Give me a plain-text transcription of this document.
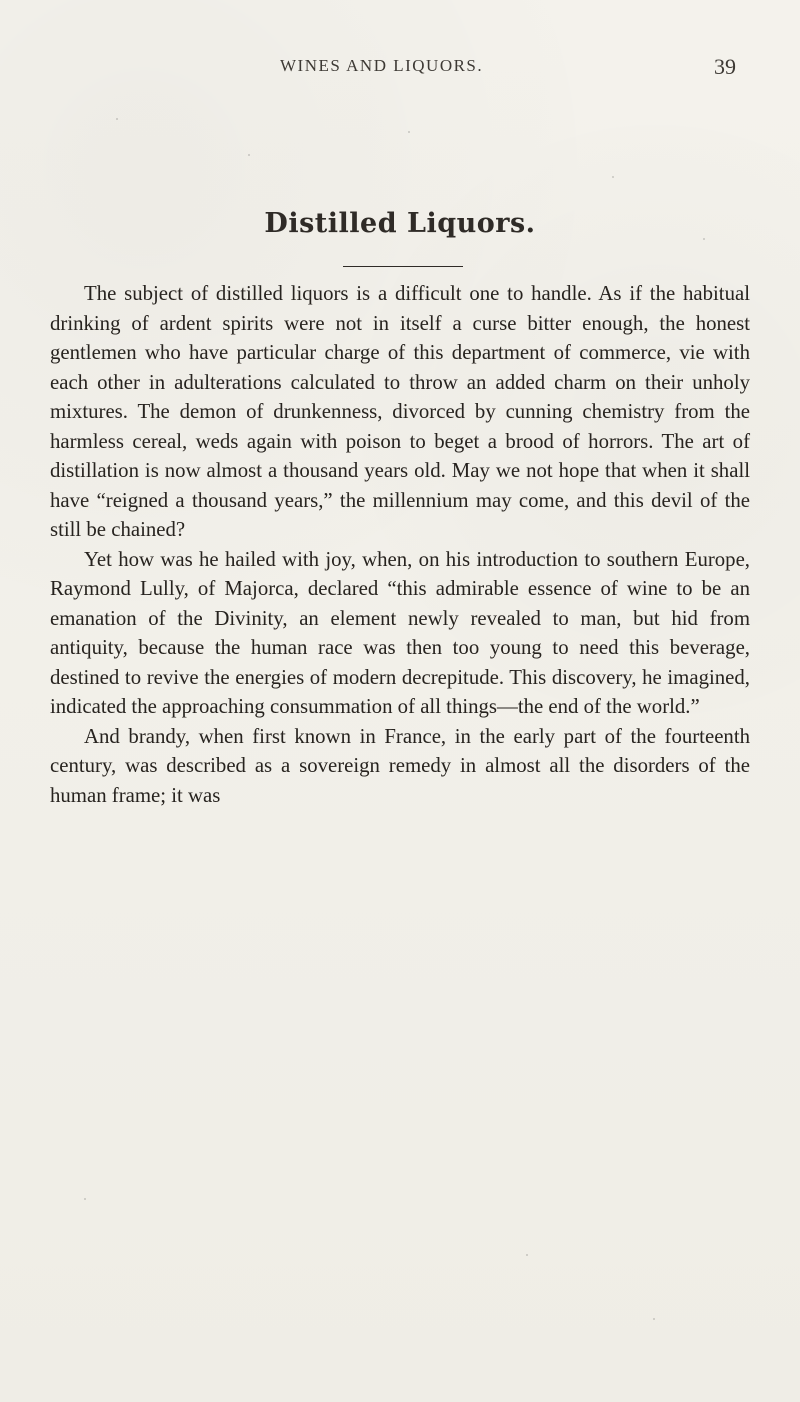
WINES AND LIQUORS.	39
Distilled Liquors.

The subject of distilled liquors is a difficult one to handle. As if the habitual drinking of ardent spirits were not in itself a curse bitter enough, the honest gentlemen who have particular charge of this department of commerce, vie with each other in adulterations calculated to throw an added charm on their unholy mixtures. The demon of drunkenness, divorced by cunning chemistry from the harmless cereal, weds again with poison to beget a brood of horrors. The art of distillation is now almost a thousand years old. May we not hope that when it shall have “reigned a thousand years,” the millennium may come, and this devil of the still be chained?

Yet how was he hailed with joy, when, on his introduction to southern Europe, Raymond Lully, of Majorca, declared “this admirable essence of wine to be an emanation of the Divinity, an element newly revealed to man, but hid from antiquity, because the human race was then too young to need this beverage, destined to revive the energies of modern decrepitude. This discovery, he imagined, indicated the approaching consummation of all things—the end of the world.”

And brandy, when first known in France, in the early part of the fourteenth century, was described as a sovereign remedy in almost all the disorders of the human frame; it was
